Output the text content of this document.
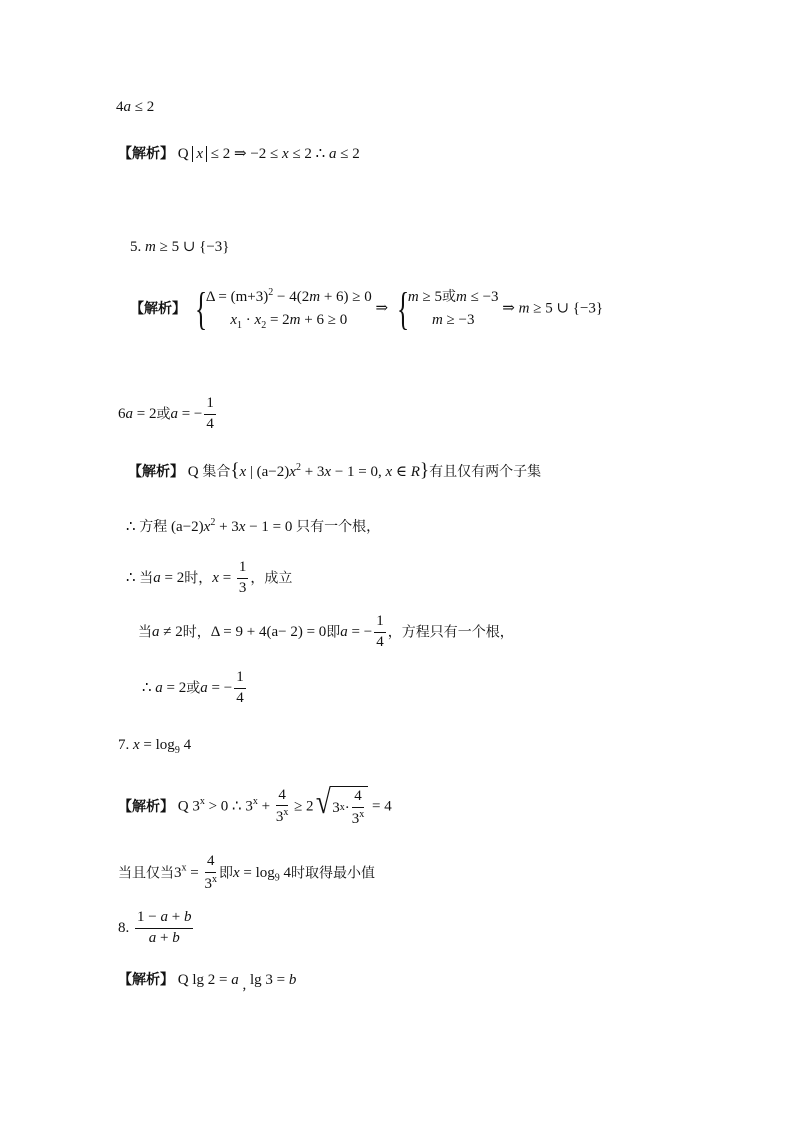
4a ≤ 2
【解析】 Q x ≤ 2 ⇒ −2 ≤ x ≤ 2 ∴ a ≤ 2
5. m ≥ 5 ∪ {−3}
【解析】 {
$\Delta = (m+3)^2 - 4(2m + 6) \ge 0$
$x_1 \cdot x_2 = 2m + 6 \ge 0$
⇒ {
m ≥ 5或m ≤ −3
m ≥ −3
⇒ m ≥ 5 ∪ {−3}
6a = 2或a = − $\frac{1}{4}$
【解析】 Q 集合{x | $(a-2)x^2 + 3x - 1 = 0$, x ∈ R}有且仅有两个子集
∴ 方程 $(a-2)x^2 + 3x - 1 = 0$ 只有一个根，
∴ 当a = 2时，$x = \frac{1}{3}$ ，成立
当a ≠ 2时，Δ = 9 + 4(a− 2) = 0即a = − $\frac{1}{4}$ ，方程只有一个根，
∴ a = 2或a = − $\frac{1}{4}$
7. $x = \log_9 4$
【解析】 Q $3^x > 0$ ∴ $3^x + \frac{4}{3^x} \ge 2$ √ 3 $x \cdot \frac{4}{3^x} = 4$
当且仅当$3^x = \frac{4}{3^x}$ 即$x = \log_9 4$时取得最小值
8. $\frac{1 - a + b}{a + b}$
【解析】 Q lg 2 = a , lg 3 = b
